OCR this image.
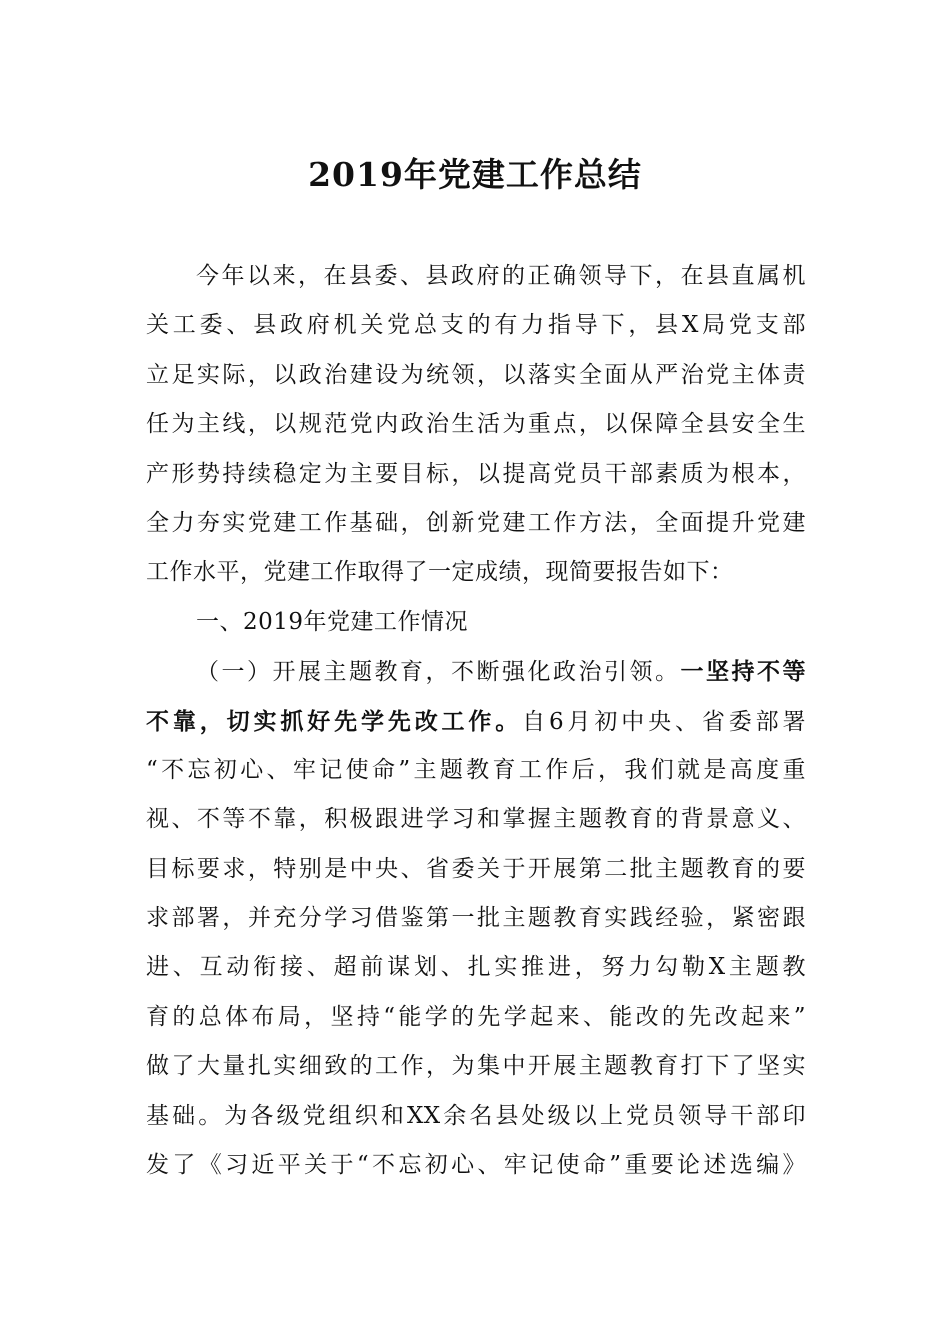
2019年党建工作总结
今年以来，在县委、县政府的正确领导下，在县直属机
关工委、县政府机关党总支的有力指导下，县X局党支部
立足实际，以政治建设为统领，以落实全面从严治党主体责
任为主线，以规范党内政治生活为重点，以保障全县安全生
产形势持续稳定为主要目标，以提高党员干部素质为根本，
全力夯实党建工作基础，创新党建工作方法，全面提升党建
工作水平，党建工作取得了一定成绩，现简要报告如下：
一、2019年党建工作情况
（一）开展主题教育，不断强化政治引领。一坚持不等
不靠，切实抓好先学先改工作。自6月初中央、省委部署
“不忘初心、牢记使命”主题教育工作后，我们就是高度重
视、不等不靠，积极跟进学习和掌握主题教育的背景意义、
目标要求，特别是中央、省委关于开展第二批主题教育的要
求部署，并充分学习借鉴第一批主题教育实践经验，紧密跟
进、互动衔接、超前谋划、扎实推进，努力勾勒X主题教
育的总体布局，坚持“能学的先学起来、能改的先改起来”
做了大量扎实细致的工作，为集中开展主题教育打下了坚实
基础。为各级党组织和XX余名县处级以上党员领导干部印
发了《习近平关于“不忘初心、牢记使命”重要论述选编》
